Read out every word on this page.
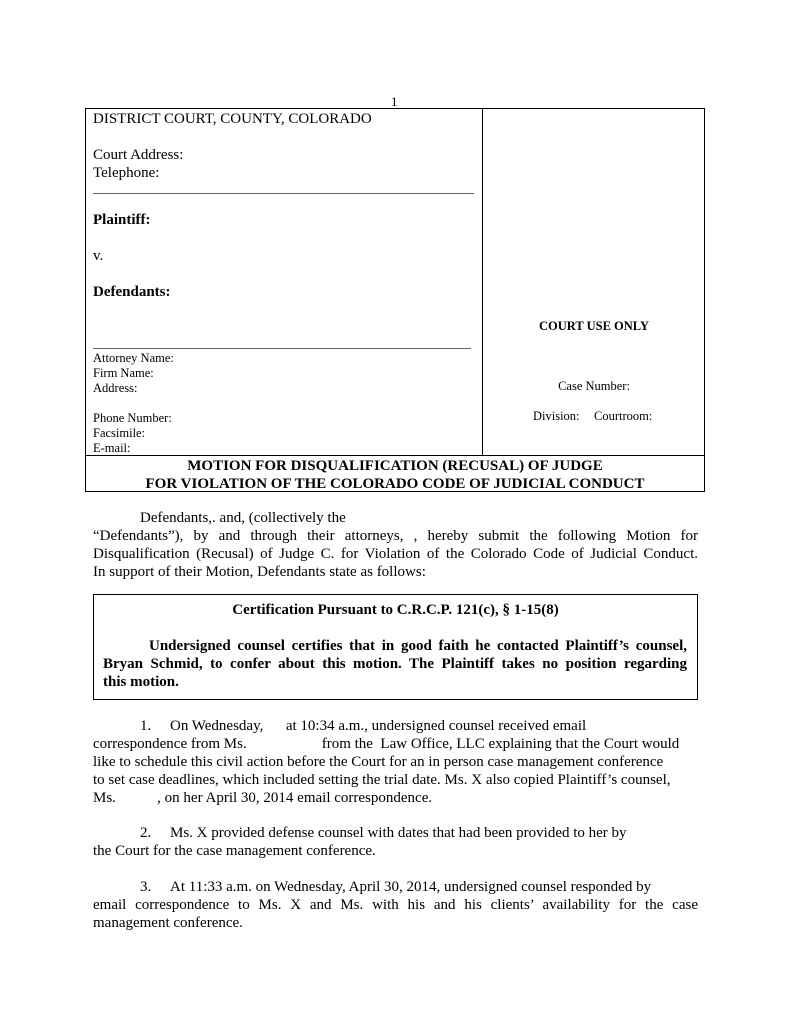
1
DISTRICT COURT, COUNTY, COLORADO
Court Address:
Telephone:
Plaintiff:
v.
Defendants:
Attorney Name:
Firm Name:
Address:
Phone Number:
Facsimile:
E-mail:
COURT USE ONLY
Case Number:
Division: Courtroom:
MOTION FOR DISQUALIFICATION (RECUSAL) OF JUDGE
FOR VIOLATION OF THE COLORADO CODE OF JUDICIAL CONDUCT
Defendants,. and, (collectively the
“Defendants”), by and through their attorneys, , hereby submit the following Motion for
Disqualification (Recusal) of Judge C. for Violation of the Colorado Code of Judicial Conduct.
In support of their Motion, Defendants state as follows:
Certification Pursuant to C.R.C.P. 121(c), § 1-15(8)
Undersigned counsel certifies that in good faith he contacted Plaintiff’s counsel,
Bryan Schmid, to confer about this motion. The Plaintiff takes no position regarding
this motion.
1. On Wednesday,      at 10:34 a.m., undersigned counsel received email
correspondence from Ms.                    from the  Law Office, LLC explaining that the Court would
like to schedule this civil action before the Court for an in person case management conference
to set case deadlines, which included setting the trial date. Ms. X also copied Plaintiff’s counsel,
Ms.           , on her April 30, 2014 email correspondence.
2. Ms. X provided defense counsel with dates that had been provided to her by
the Court for the case management conference.
3. At 11:33 a.m. on Wednesday, April 30, 2014, undersigned counsel responded by
email correspondence to Ms. X and Ms. with his and his clients’ availability for the case
management conference.
